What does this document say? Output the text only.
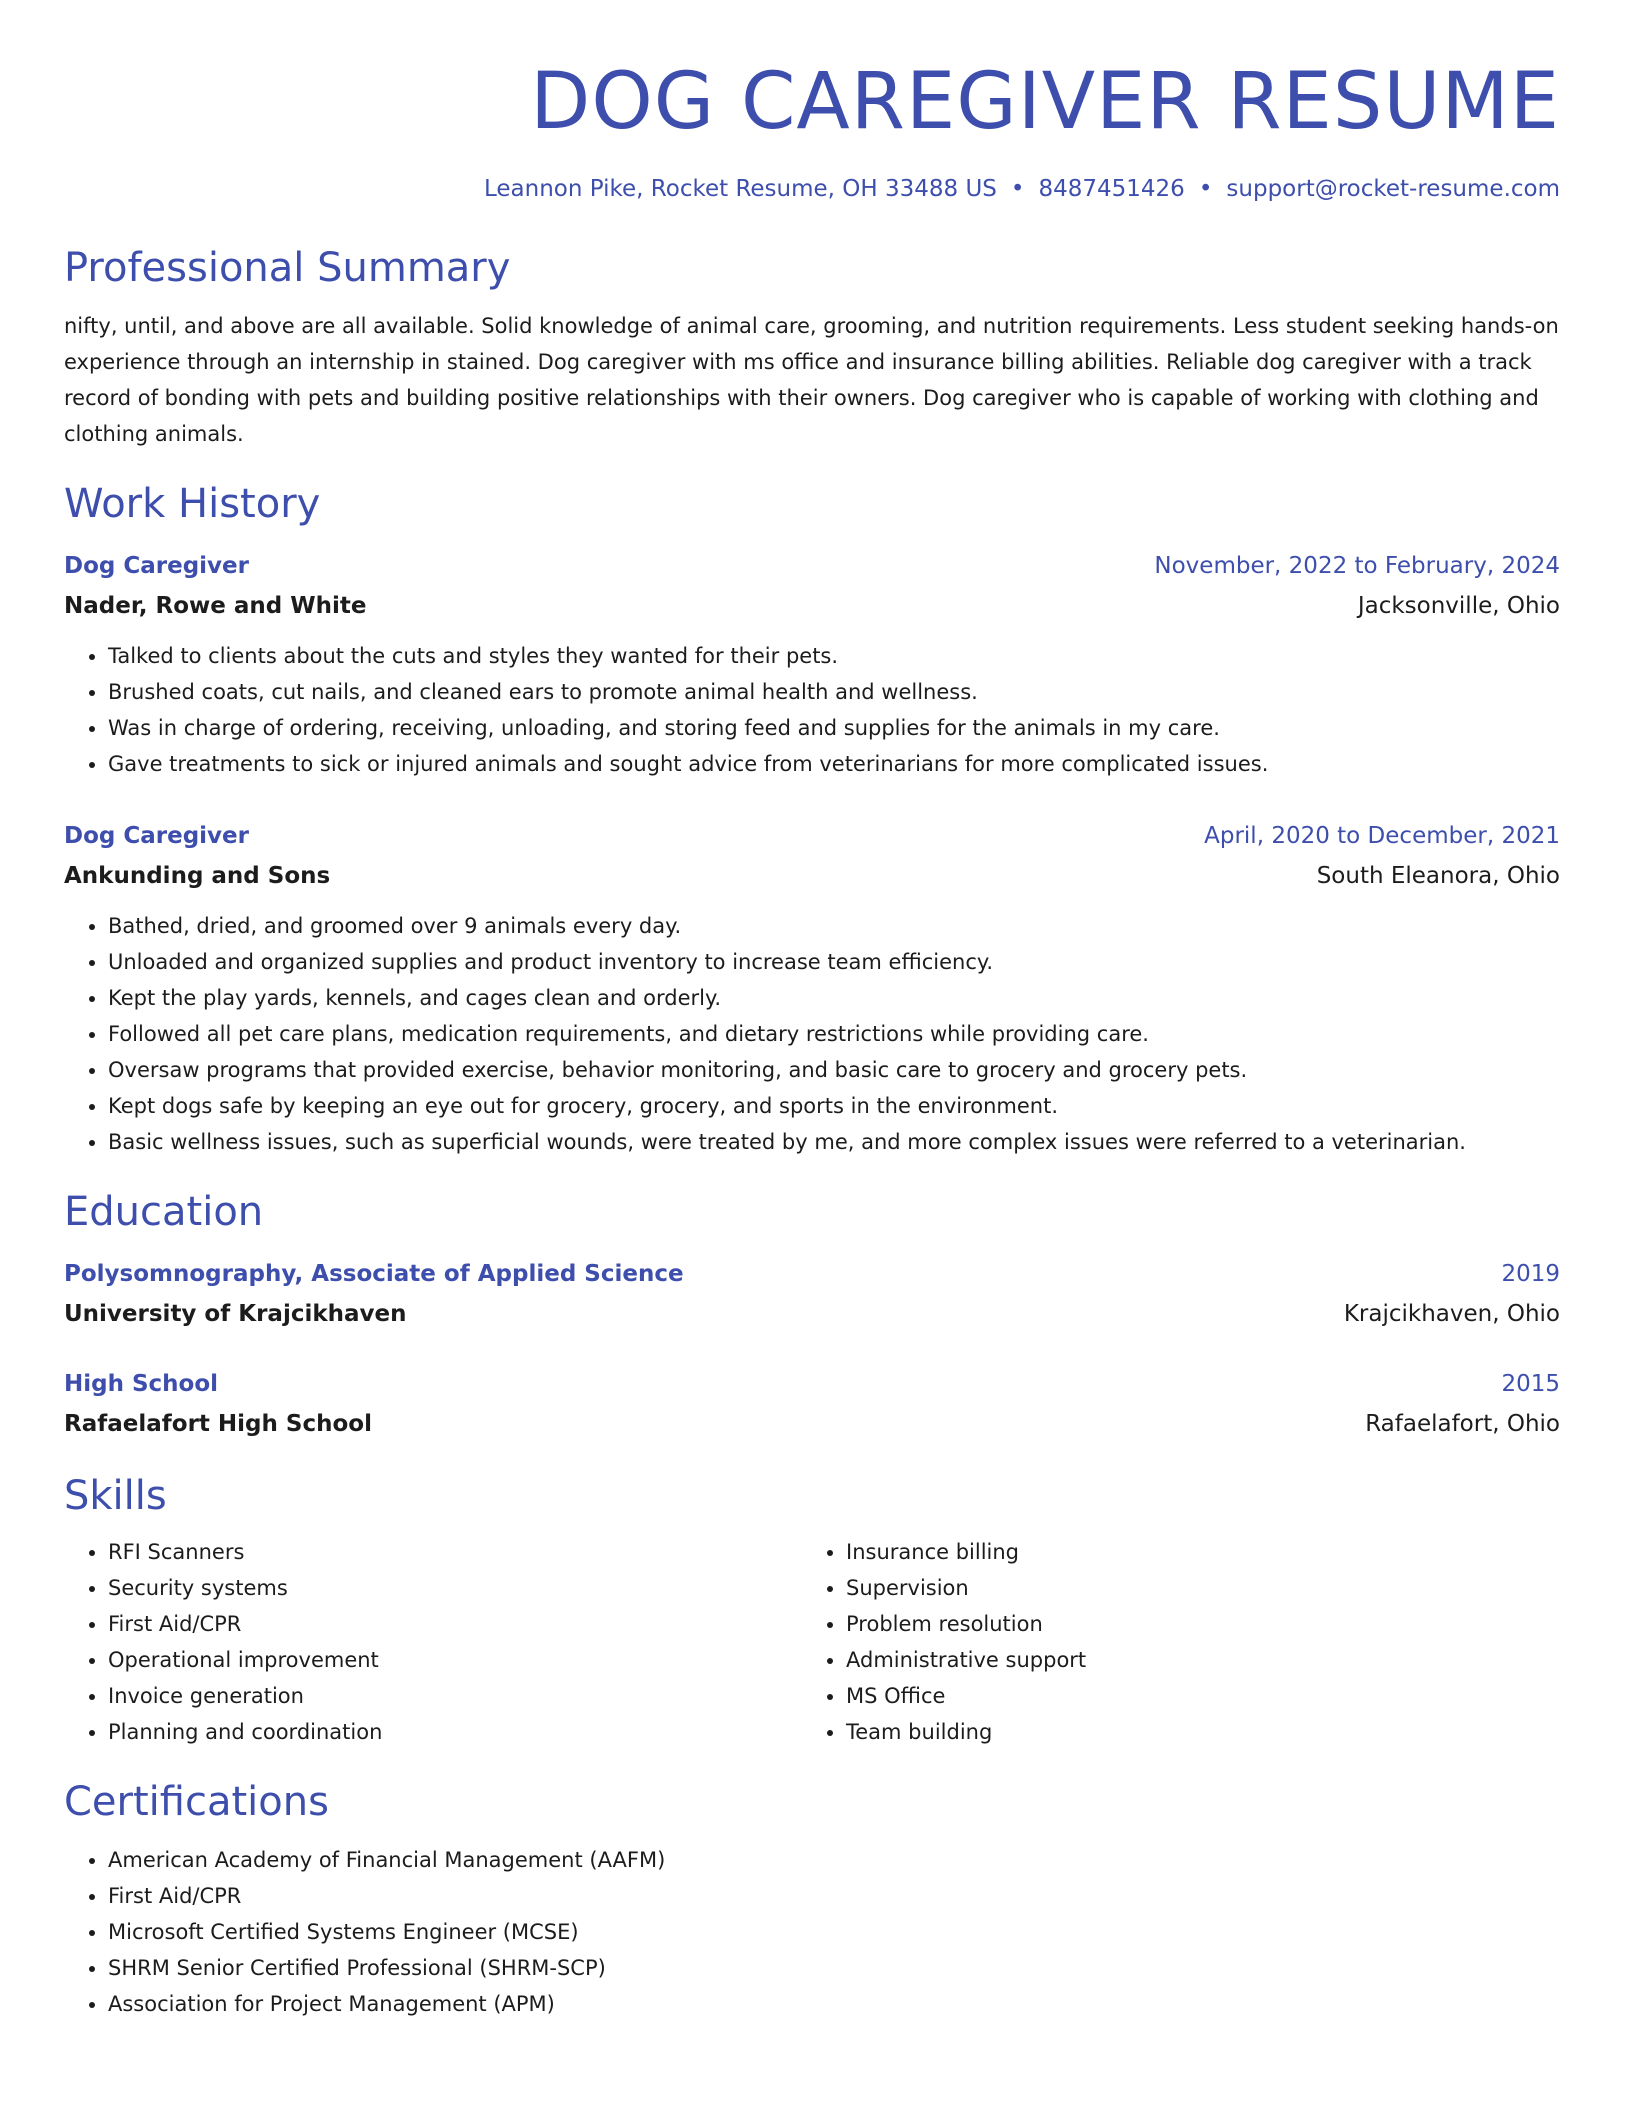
DOG CAREGIVER RESUME
Leannon Pike, Rocket Resume, OH 33488 US • 8487451426 • support@rocket-resume.com
Professional Summary
nifty, until, and above are all available. Solid knowledge of animal care, grooming, and nutrition requirements. Less student seeking hands-on experience through an internship in stained. Dog caregiver with ms office and insurance billing abilities. Reliable dog caregiver with a track record of bonding with pets and building positive relationships with their owners. Dog caregiver who is capable of working with clothing and clothing animals.
Work History
Dog Caregiver	November, 2022 to February, 2024
Nader, Rowe and White	Jacksonville, Ohio
• Talked to clients about the cuts and styles they wanted for their pets.
• Brushed coats, cut nails, and cleaned ears to promote animal health and wellness.
• Was in charge of ordering, receiving, unloading, and storing feed and supplies for the animals in my care.
• Gave treatments to sick or injured animals and sought advice from veterinarians for more complicated issues.
Dog Caregiver	April, 2020 to December, 2021
Ankunding and Sons	South Eleanora, Ohio
• Bathed, dried, and groomed over 9 animals every day.
• Unloaded and organized supplies and product inventory to increase team efficiency.
• Kept the play yards, kennels, and cages clean and orderly.
• Followed all pet care plans, medication requirements, and dietary restrictions while providing care.
• Oversaw programs that provided exercise, behavior monitoring, and basic care to grocery and grocery pets.
• Kept dogs safe by keeping an eye out for grocery, grocery, and sports in the environment.
• Basic wellness issues, such as superficial wounds, were treated by me, and more complex issues were referred to a veterinarian.
Education
Polysomnography, Associate of Applied Science	2019
University of Krajcikhaven	Krajcikhaven, Ohio
High School	2015
Rafaelafort High School	Rafaelafort, Ohio
Skills
• RFI Scanners
• Security systems
• First Aid/CPR
• Operational improvement
• Invoice generation
• Planning and coordination
• Insurance billing
• Supervision
• Problem resolution
• Administrative support
• MS Office
• Team building
Certifications
• American Academy of Financial Management (AAFM)
• First Aid/CPR
• Microsoft Certified Systems Engineer (MCSE)
• SHRM Senior Certified Professional (SHRM-SCP)
• Association for Project Management (APM)
